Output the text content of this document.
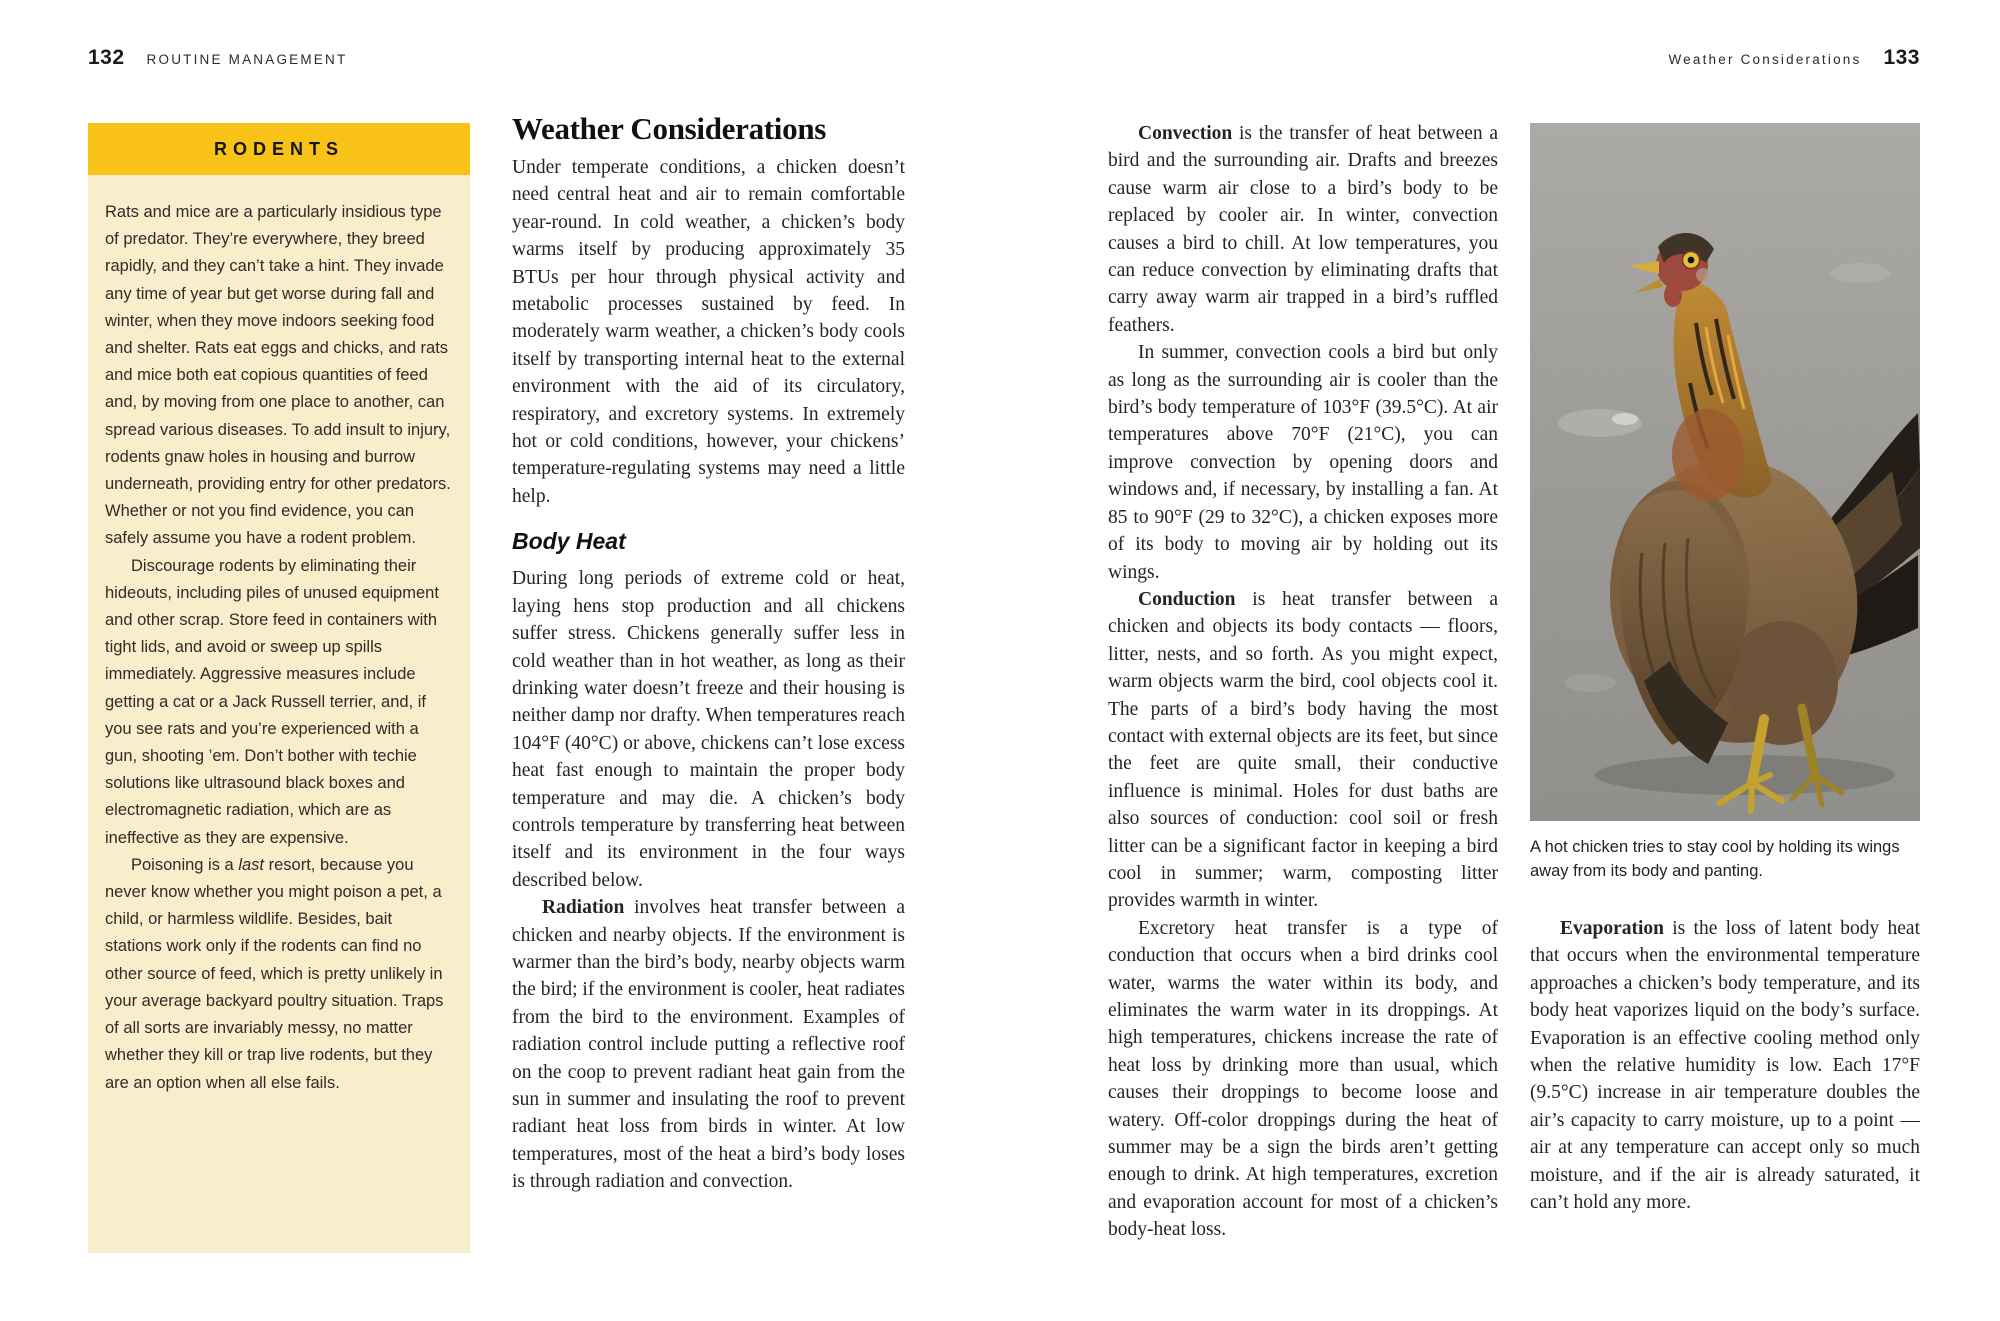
132 ROUTINE MANAGEMENT	Weather Considerations 133
RODENTS

Rats and mice are a particularly insidious type of predator. They’re everywhere, they breed rapidly, and they can’t take a hint. They invade any time of year but get worse during fall and winter, when they move indoors seeking food and shelter. Rats eat eggs and chicks, and rats and mice both eat copious quantities of feed and, by moving from one place to another, can spread various diseases. To add insult to injury, rodents gnaw holes in housing and burrow underneath, providing entry for other predators. Whether or not you find evidence, you can safely assume you have a rodent problem.

Discourage rodents by eliminating their hideouts, including piles of unused equipment and other scrap. Store feed in containers with tight lids, and avoid or sweep up spills immediately. Aggressive measures include getting a cat or a Jack Russell terrier, and, if you see rats and you’re experienced with a gun, shooting ’em. Don’t bother with techie solutions like ultrasound black boxes and electromagnetic radiation, which are as ineffective as they are expensive.

Poisoning is a last resort, because you never know whether you might poison a pet, a child, or harmless wildlife. Besides, bait stations work only if the rodents can find no other source of feed, which is pretty unlikely in your average backyard poultry situation. Traps of all sorts are invariably messy, no matter whether they kill or trap live rodents, but they are an option when all else fails.

Weather Considerations

Under temperate conditions, a chicken doesn’t need central heat and air to remain comfortable year-round. In cold weather, a chicken’s body warms itself by producing approximately 35 BTUs per hour through physical activity and metabolic processes sustained by feed. In moderately warm weather, a chicken’s body cools itself by transporting internal heat to the external environment with the aid of its circulatory, respiratory, and excretory systems. In extremely hot or cold conditions, however, your chickens’ temperature-regulating systems may need a little help.

Body Heat

During long periods of extreme cold or heat, laying hens stop production and all chickens suffer stress. Chickens generally suffer less in cold weather than in hot weather, as long as their drinking water doesn’t freeze and their housing is neither damp nor drafty. When temperatures reach 104°F (40°C) or above, chickens can’t lose excess heat fast enough to maintain the proper body temperature and may die. A chicken’s body controls temperature by transferring heat between itself and its environment in the four ways described below.

Radiation involves heat transfer between a chicken and nearby objects. If the environment is warmer than the bird’s body, nearby objects warm the bird; if the environment is cooler, heat radiates from the bird to the environment. Examples of radiation control include putting a reflective roof on the coop to prevent radiant heat gain from the sun in summer and insulating the roof to prevent radiant heat loss from birds in winter. At low temperatures, most of the heat a bird’s body loses is through radiation and convection.

Convection is the transfer of heat between a bird and the surrounding air. Drafts and breezes cause warm air close to a bird’s body to be replaced by cooler air. In winter, convection causes a bird to chill. At low temperatures, you can reduce convection by eliminating drafts that carry away warm air trapped in a bird’s ruffled feathers.

In summer, convection cools a bird but only as long as the surrounding air is cooler than the bird’s body temperature of 103°F (39.5°C). At air temperatures above 70°F (21°C), you can improve convection by opening doors and windows and, if necessary, by installing a fan. At 85 to 90°F (29 to 32°C), a chicken exposes more of its body to moving air by holding out its wings.

Conduction is heat transfer between a chicken and objects its body contacts — floors, litter, nests, and so forth. As you might expect, warm objects warm the bird, cool objects cool it. The parts of a bird’s body having the most contact with external objects are its feet, but since the feet are quite small, their conductive influence is minimal. Holes for dust baths are also sources of conduction: cool soil or fresh litter can be a significant factor in keeping a bird cool in summer; warm, composting litter provides warmth in winter.

Excretory heat transfer is a type of conduction that occurs when a bird drinks cool water, warms the water within its body, and eliminates the warm water in its droppings. At high temperatures, chickens increase the rate of heat loss by drinking more than usual, which causes their droppings to become loose and watery. Off-color droppings during the heat of summer may be a sign the birds aren’t getting enough to drink. At high temperatures, excretion and evaporation account for most of a chicken’s body-heat loss.

A hot chicken tries to stay cool by holding its wings away from its body and panting.

Evaporation is the loss of latent body heat that occurs when the environmental temperature approaches a chicken’s body temperature, and its body heat vaporizes liquid on the body’s surface. Evaporation is an effective cooling method only when the relative humidity is low. Each 17°F (9.5°C) increase in air temperature doubles the air’s capacity to carry moisture, up to a point — air at any temperature can accept only so much moisture, and if the air is already saturated, it can’t hold any more.
